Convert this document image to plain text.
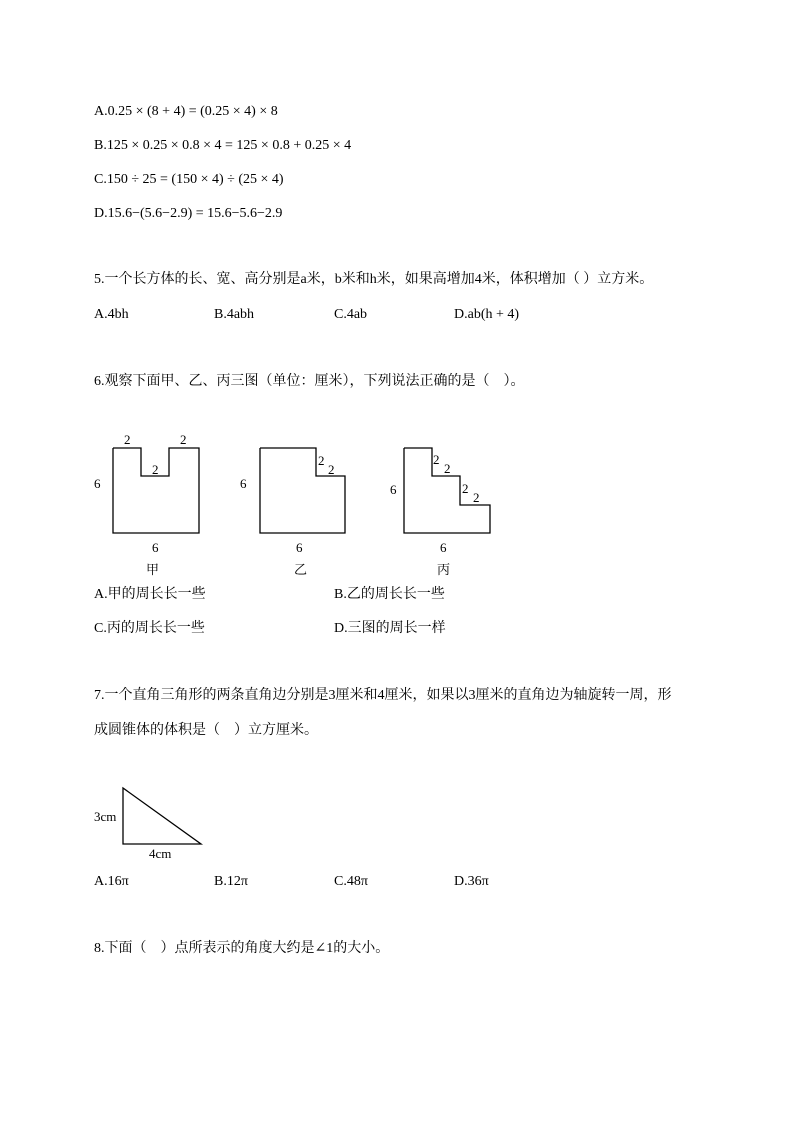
A.0.25 × (8 + 4) = (0.25 × 4) × 8
B.125 × 0.25 × 0.8 × 4 = 125 × 0.8 + 0.25 × 4
C.150 ÷ 25 = (150 × 4) ÷ (25 × 4)
D.15.6−(5.6−2.9) = 15.6−5.6−2.9
5.一个长方体的长、宽、高分别是a米，b米和h米，如果高增加4米，体积增加（ ）立方米。
A.4bh	B.4abh	C.4ab	D.ab(h + 4)
6.观察下面甲、乙、丙三图（单位：厘米），下列说法正确的是（　）。
2	2
2
6
6
甲
2
2
6
6
乙
2
2
2
2
6
6
丙
A.甲的周长长一些	B.乙的周长长一些
C.丙的周长长一些	D.三图的周长一样
7.一个直角三角形的两条直角边分别是3厘米和4厘米，如果以3厘米的直角边为轴旋转一周，形
成圆锥体的体积是（　）立方厘米。
3cm
4cm
A.16π	B.12π	C.48π	D.36π
8.下面（　）点所表示的角度大约是∠1的大小。
